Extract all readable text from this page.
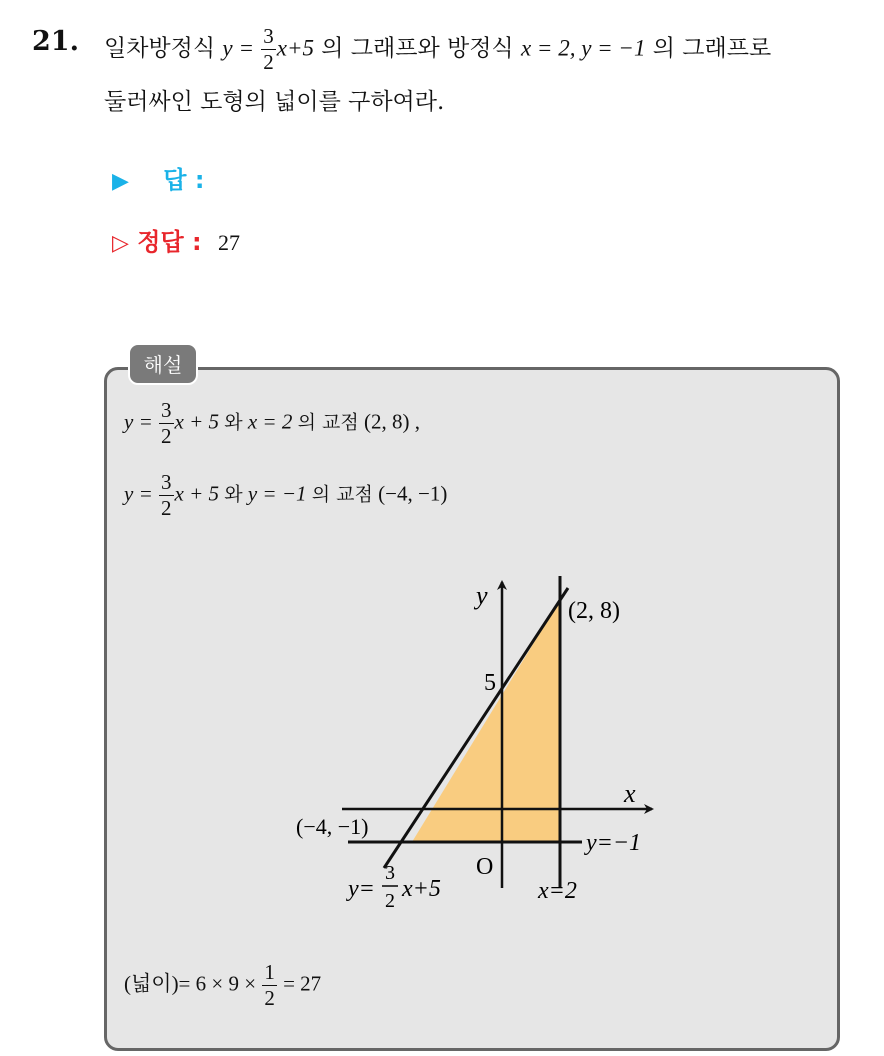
21. 일차방정식 $y = \frac{3}{2} x+5$ 의 그래프와 방정식 x = 2, y = −1 의 그래프로
둘러싸인 도형의 넓이를 구하여라.
▶ 답 :
▷ 정답 : 27
해설
$y = \frac{3}{2}$ x + 5 와 x = 2 의 교점 (2, 8) ,
$y = \frac{3}{2}$ x + 5 와 y = −1 의 교점 (−4, −1)
y
x
O
5
(2, 8)
(−4, −1)
y=−1
x=2
y=
3
2 x+5
(넓이)= $6 \times 9 \times \frac{1}{2} = 27$
